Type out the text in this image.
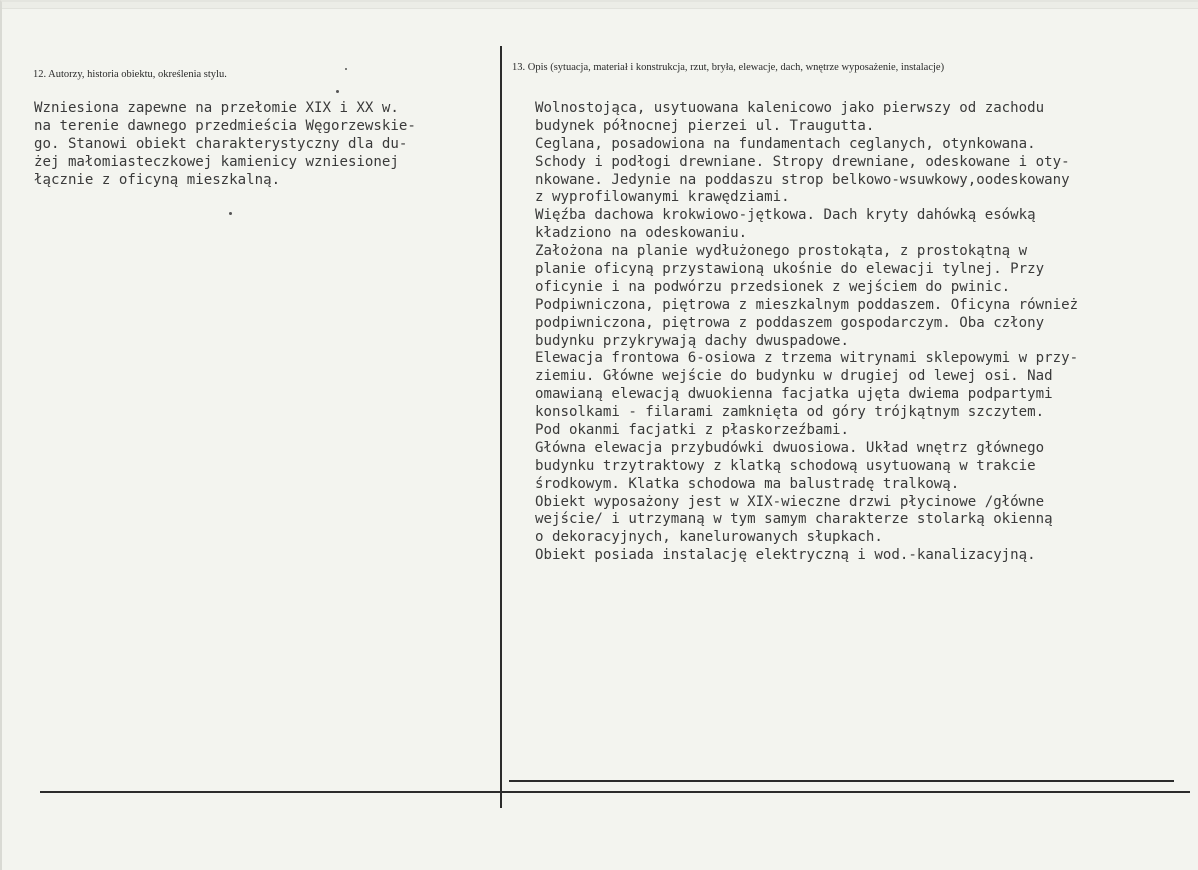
12. Autorzy, historia obiektu, określenia stylu.
13. Opis (sytuacja, materiał i konstrukcja, rzut, bryła, elewacje, dach, wnętrze wyposażenie, instalacje)
Wzniesiona zapewne na przełomie XIX i XX w.
na terenie dawnego przedmieścia Węgorzewskie-
go. Stanowi obiekt charakterystyczny dla du-
żej małomiasteczkowej kamienicy wzniesionej
łącznie z oficyną mieszkalną.
Wolnostojąca, usytuowana kalenicowo jako pierwszy od zachodu
budynek północnej pierzei ul. Traugutta.
Ceglana, posadowiona na fundamentach ceglanych, otynkowana.
Schody i podłogi drewniane. Stropy drewniane, odeskowane i oty-
nkowane. Jedynie na poddaszu strop belkowo-wsuwkowy,oodeskowany
z wyprofilowanymi krawędziami.
Więźba dachowa krokwiowo-jętkowa. Dach kryty dahówką esówką
kładziono na odeskowaniu.
Założona na planie wydłużonego prostokąta, z prostokątną w
planie oficyną przystawioną ukośnie do elewacji tylnej. Przy
oficynie i na podwórzu przedsionek z wejściem do pwinic.
Podpiwniczona, piętrowa z mieszkalnym poddaszem. Oficyna również
podpiwniczona, piętrowa z poddaszem gospodarczym. Oba człony
budynku przykrywają dachy dwuspadowe.
Elewacja frontowa 6-osiowa z trzema witrynami sklepowymi w przy-
ziemiu. Główne wejście do budynku w drugiej od lewej osi. Nad
omawianą elewacją dwuokienna facjatka ujęta dwiema podpartymi
konsolkami - filarami zamknięta od góry trójkątnym szczytem.
Pod okanmi facjatki z płaskorzeźbami.
Główna elewacja przybudówki dwuosiowa. Układ wnętrz głównego
budynku trzytraktowy z klatką schodową usytuowaną w trakcie
środkowym. Klatka schodowa ma balustradę tralkową.
Obiekt wyposażony jest w XIX-wieczne drzwi płycinowe /główne
wejście/ i utrzymaną w tym samym charakterze stolarką okienną
o dekoracyjnych, kanelurowanych słupkach.
Obiekt posiada instalację elektryczną i wod.-kanalizacyjną.
